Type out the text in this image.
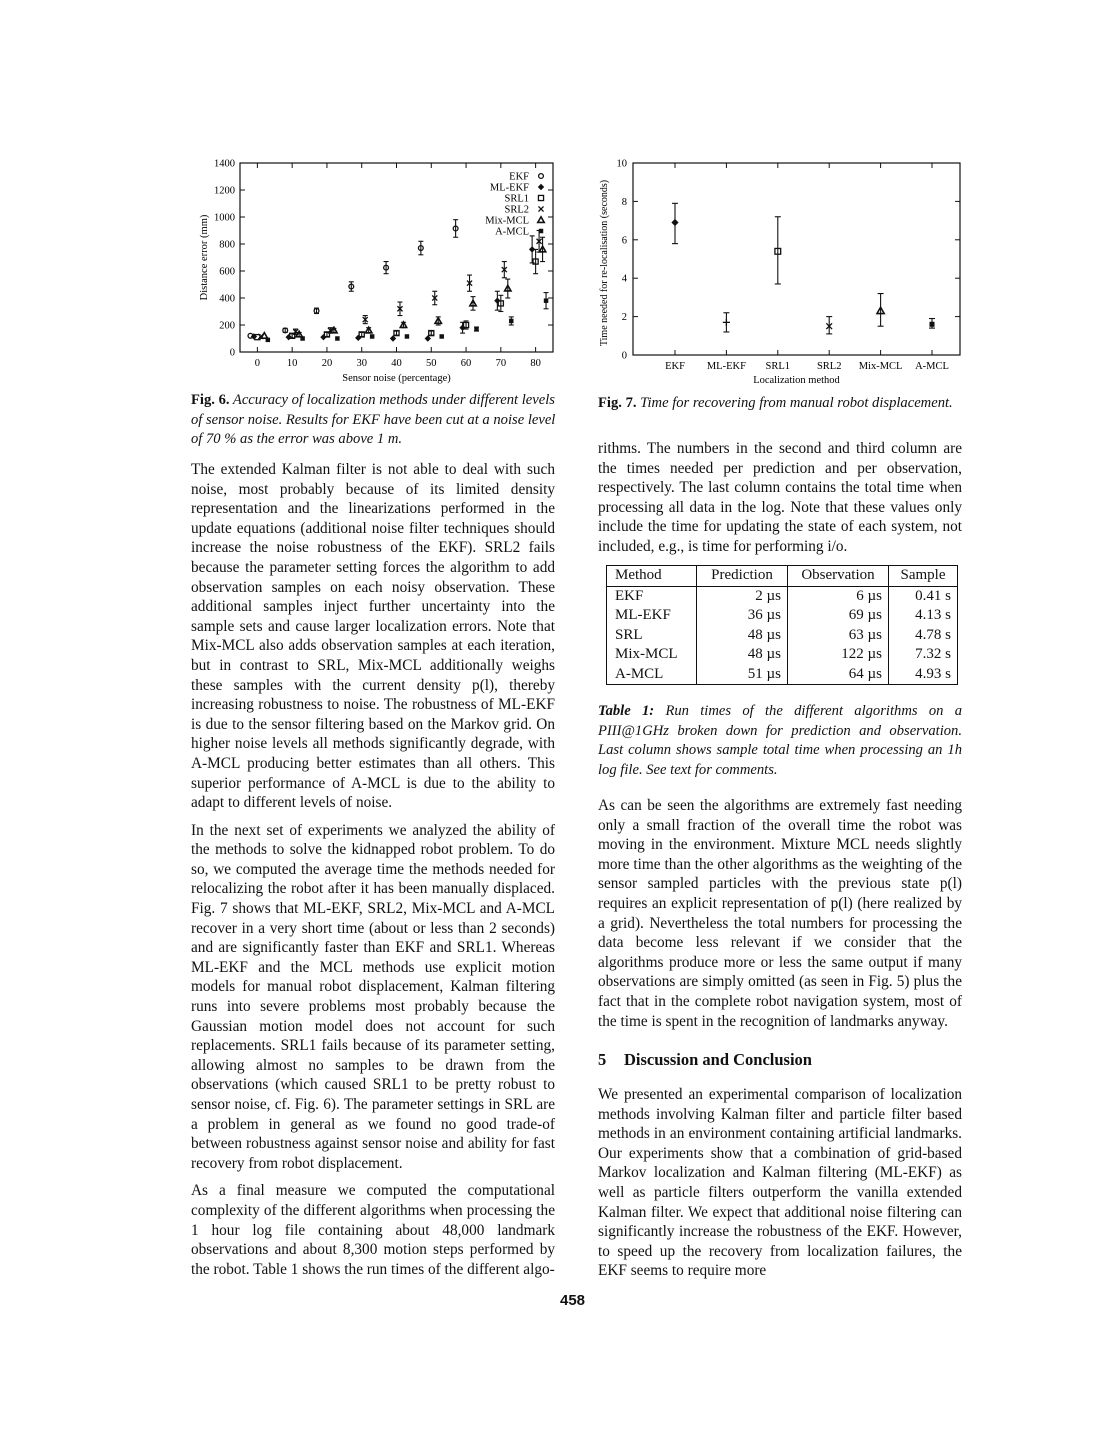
0
200
400
600
800
1000
1200
1400
0	10 20 30 40 50 60 70 80
Sensor noise (percentage)
Distance error (mm)
EKF
ML-EKF
SRL1
SRL2
Mix-MCL
A-MCL
Fig. 6. Accuracy of localization methods under different levels of sensor noise. Results for EKF have been cut at a noise level of 70 % as the error was above 1 m.
0
2
4
6
8
10
EKF ML-EKF SRL1	SRL2 Mix-MCL A-MCL
Localization method
Time needed for re-localisation (seconds)
Fig. 7. Time for recovering from manual robot displacement.

The extended Kalman filter is not able to deal with such noise, most probably because of its limited density representation and the linearizations performed in the update equations (additional noise filter techniques should increase the noise robustness of the EKF). SRL2 fails because the parameter setting forces the algorithm to add observation samples on each noisy observation. These additional samples inject further uncertainty into the sample sets and cause larger localization errors. Note that Mix-MCL also adds observation samples at each iteration, but in contrast to SRL, Mix-MCL additionally weighs these samples with the current density p(l), thereby increasing robustness to noise. The robustness of ML-EKF is due to the sensor filtering based on the Markov grid. On higher noise levels all methods significantly degrade, with A-MCL producing better estimates than all others. This superior performance of A-MCL is due to the ability to adapt to different levels of noise.

In the next set of experiments we analyzed the ability of the methods to solve the kidnapped robot problem. To do so, we computed the average time the methods needed for relocalizing the robot after it has been manually displaced. Fig. 7 shows that ML-EKF, SRL2, Mix-MCL and A-MCL recover in a very short time (about or less than 2 seconds) and are significantly faster than EKF and SRL1. Whereas ML-EKF and the MCL methods use explicit motion models for manual robot displacement, Kalman filtering runs into severe problems most probably because the Gaussian motion model does not account for such replacements. SRL1 fails because of its parameter setting, allowing almost no samples to be drawn from the observations (which caused SRL1 to be pretty robust to sensor noise, cf. Fig. 6). The parameter settings in SRL are a problem in general as we found no good trade-of between robustness against sensor noise and ability for fast recovery from robot displacement.

As a final measure we computed the computational complexity of the different algorithms when processing the 1 hour log file containing about 48,000 landmark observations and about 8,300 motion steps performed by the robot. Table 1 shows the run times of the different algo-

rithms. The numbers in the second and third column are the times needed per prediction and per observation, respectively. The last column contains the total time when processing all data in the log. Note that these values only include the time for updating the state of each system, not included, e.g., is time for performing i/o.

Method	Prediction	Observation	Sample
EKF	2 µs	6 µs	0.41 s
ML-EKF	36 µs	69 µs	4.13 s
SRL	48 µs	63 µs	4.78 s
Mix-MCL	48 µs	122 µs	7.32 s
A-MCL	51 µs	64 µs	4.93 s
Table 1: Run times of the different algorithms on a PIII@1GHz broken down for prediction and observation. Last column shows sample total time when processing an 1h log file. See text for comments.

As can be seen the algorithms are extremely fast needing only a small fraction of the overall time the robot was moving in the environment. Mixture MCL needs slightly more time than the other algorithms as the weighting of the sensor sampled particles with the previous state p(l) requires an explicit representation of p(l) (here realized by a grid). Nevertheless the total numbers for processing the data become less relevant if we consider that the algorithms produce more or less the same output if many observations are simply omitted (as seen in Fig. 5) plus the fact that in the complete robot navigation system, most of the time is spent in the recognition of landmarks anyway.

5 Discussion and Conclusion

We presented an experimental comparison of localization methods involving Kalman filter and particle filter based methods in an environment containing artificial landmarks. Our experiments show that a combination of grid-based Markov localization and Kalman filtering (ML-EKF) as well as particle filters outperform the vanilla extended Kalman filter. We expect that additional noise filtering can significantly increase the robustness of the EKF. However, to speed up the recovery from localization failures, the EKF seems to require more

458
